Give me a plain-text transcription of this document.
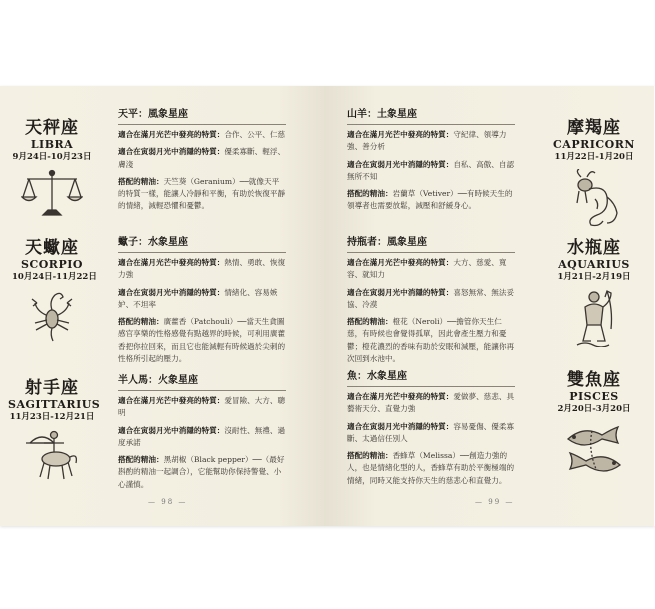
天秤座
LIBRA
9月24日-10月23日
天蠍座
SCORPIO
10月24日-11月22日
射手座
SAGITTARIUS
11月23日-12月21日
天平：風象星座

適合在滿月光芒中發亮的特質：合作、公平、仁慈

適合在寅弱月光中消隱的特質：優柔寡斷、輕浮、膚淺

搭配的精油：天竺葵（Geranium）──就像天平的特質一樣，能讓人冷靜和平衡，有助於恢復平靜的情緒，減輕恐懼和憂鬱。

蠍子：水象星座

適合在滿月光芒中發亮的特質：熱情、勇敢、恢復力強

適合在寅弱月光中消隱的特質：情緒化、容易嫉妒、不坦率

搭配的精油：廣藿香（Patchouli）──當天生貪圖感官享樂的性格感覺有點越界的時候，可利用廣藿香把你拉回來，而且它也能減輕有時候過於尖刺的性格所引起的壓力。

半人馬：火象星座

適合在滿月光芒中發亮的特質：愛冒險、大方、聰明

適合在寅弱月光中消隱的特質：沒耐性、無禮、過度承諾

搭配的精油：黑胡椒（Black pepper）──（最好斟酌的精油一起調合），它能幫助你保持警覺、小心謹慎。

— 98 —
山羊：土象星座

適合在滿月光芒中發亮的特質：守紀律、領導力強、善分析

適合在寅弱月光中消隱的特質：自私、高傲、自認無所不知

搭配的精油：岩蘭草（Vetiver）──有時候天生的領導者也需要放鬆，減壓和舒緩身心。

持瓶者：風象星座

適合在滿月光芒中發亮的特質：大方、慈愛、寬容、就知力

適合在寅弱月光中消隱的特質：喜怒無常、無法妥協、冷漠

搭配的精油：橙花（Neroli）──擔管你天生仁慈，有時候也會覺得孤單，因此會產生壓力和憂鬱；橙花濃烈的香味有助於安眠和減壓，能讓你再次回到水池中。

魚：水象星座

適合在滿月光芒中發亮的特質：愛做夢、慈悲、具藝術天分、直覺力強

適合在寅弱月光中消隱的特質：容易憂傷、優柔寡斷、太過信任別人

搭配的精油：香蜂草（Melissa）──創造力強的人，也是情緒化型的人，香蜂草有助於平衡極端的情緒，同時又能支持你天生的慈悲心和直覺力。

摩羯座
CAPRICORN
11月22日-1月20日
水瓶座
AQUARIUS
1月21日-2月19日
雙魚座
PISCES
2月20日-3月20日
— 99 —
